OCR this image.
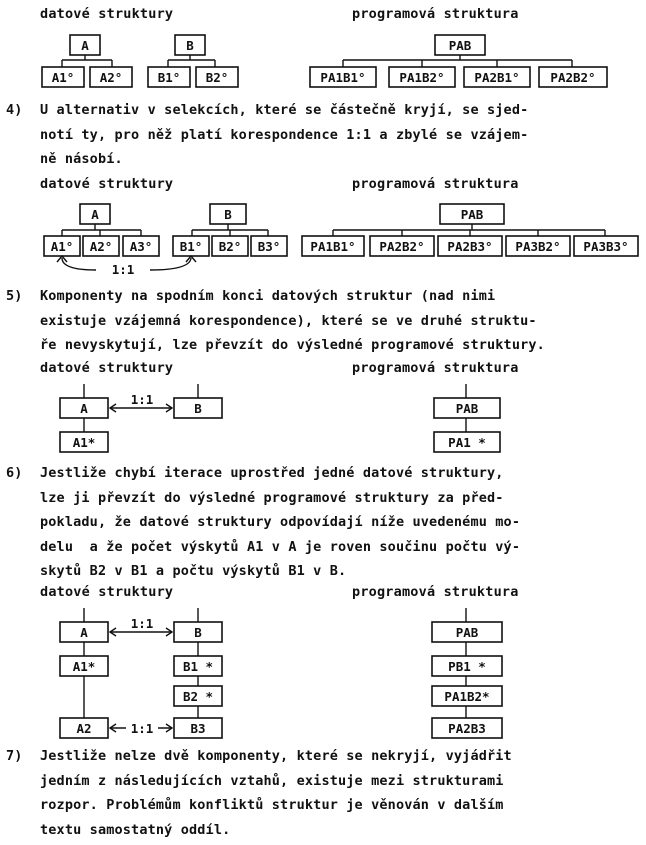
datové struktury	programová struktura
A
A1° A2°
B
B1° B2°
PAB
PA1B1°	PA1B2° PA2B1° PA2B2°
4) U alternativ v selekcích, které se částečně kryjí, se sjed-
notí ty, pro něž platí korespondence 1:1 a zbylé se vzájem-
ně násobí.
datové struktury	programová struktura
A
A1° A2° A3°
B
B1° B2° B3°
1:1
PAB
PA1B1° PA2B2° PA2B3° PA3B2° PA3B3°
5) Komponenty na spodním konci datových struktur (nad nimi
existuje vzájemná korespondence), které se ve druhé struktu-
ře nevyskytují, lze převzít do výsledné programové struktury.
datové struktury	programová struktura
A	B
1:1
A1*
PAB
PA1 *
6) Jestliže chybí iterace uprostřed jedné datové struktury,
lze ji převzít do výsledné programové struktury za před-
pokladu, že datové struktury odpovídají níže uvedenému mo-
delu  a že počet výskytů A1 v A je roven součinu počtu vý-
skytů B2 v B1 a počtu výskytů B1 v B.
datové struktury	programová struktura
A	B
1:1
A1*
A2
B1 *
B2 *
B3
1:1
PAB
PB1 *
PA1B2*
PA2B3
7) Jestliže nelze dvě komponenty, které se nekryjí, vyjádřit
jedním z následujících vztahů, existuje mezi strukturami
rozpor. Problémům konfliktů struktur je věnován v dalším
textu samostatný oddíl.
